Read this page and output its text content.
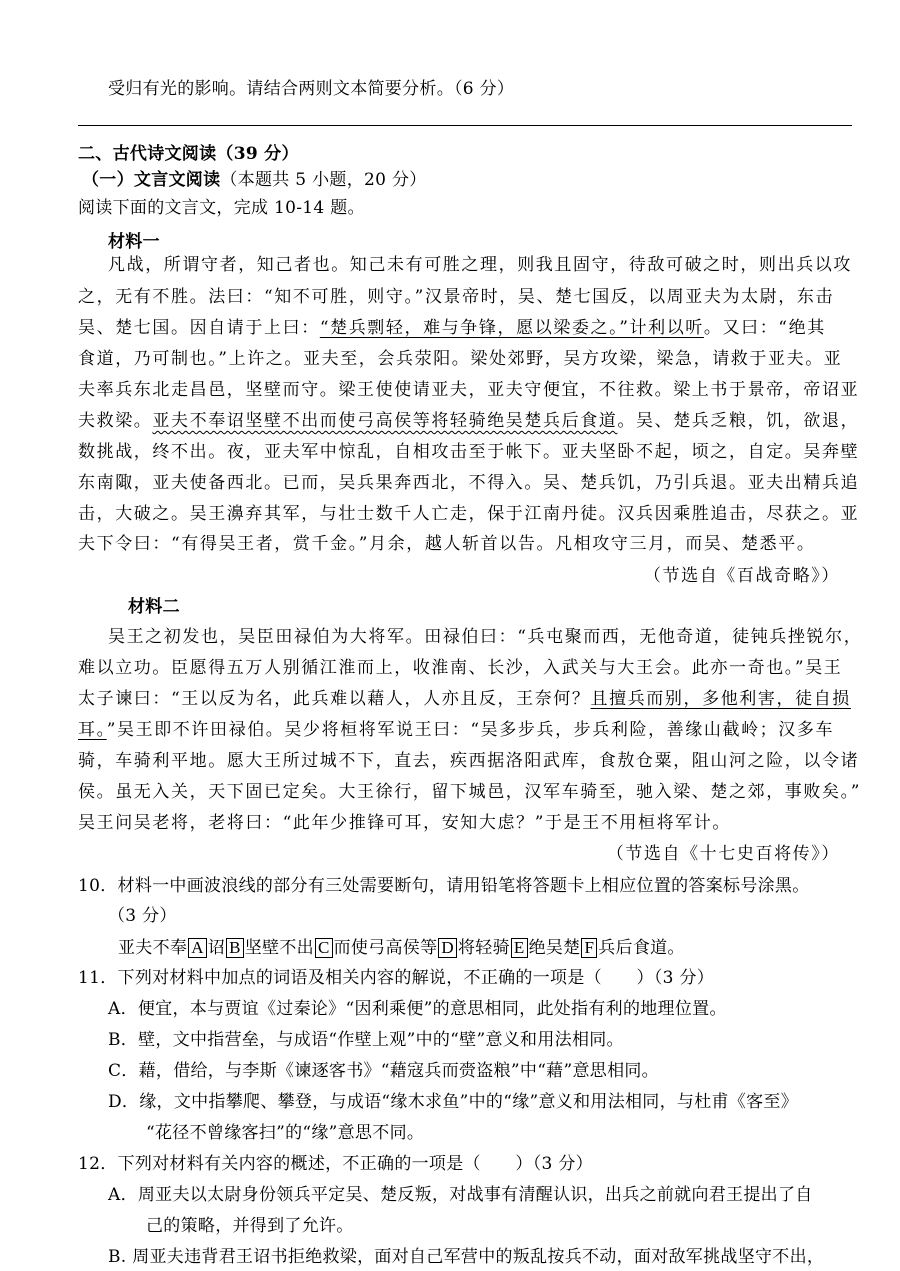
受归有光的影响。请结合两则文本简要分析。（6 分）
二、古代诗文阅读（39 分）
（一）文言文阅读（本题共 5 小题，20 分）
阅读下面的文言文，完成 10-14 题。
材料一
凡战，所谓守者，知己者也。知己未有可胜之理，则我且固守，待敌可破之时，则出兵以攻
之，无有不胜。法曰：“知不可胜，则守。”汉景帝时，吴、楚七国反，以周亚夫为太尉，东击
吴、楚七国。因自请于上曰：“楚兵剽轻，难与争锋，愿以梁委之。”计利以听。又曰：“绝其
食道，乃可制也。”上许之。亚夫至，会兵荥阳。梁处郊野，吴方攻梁，梁急，请救于亚夫。亚
夫率兵东北走昌邑，坚壁而守。梁王使使请亚夫，亚夫守便宜，不往救。梁上书于景帝，帝诏亚
夫救梁。亚夫不奉诏坚壁不出而使弓高侯等将轻骑绝吴楚兵后食道。吴、楚兵乏粮，饥，欲退，
数挑战，终不出。夜，亚夫军中惊乱，自相攻击至于帐下。亚夫坚卧不起，顷之，自定。吴奔壁
东南陬，亚夫使备西北。已而，吴兵果奔西北，不得入。吴、楚兵饥，乃引兵退。亚夫出精兵追
击，大破之。吴王濞弃其军，与壮士数千人亡走，保于江南丹徒。汉兵因乘胜追击，尽获之。亚
夫下令曰：“有得吴王者，赏千金。”月余，越人斩首以告。凡相攻守三月，而吴、楚悉平。
（节选自《百战奇略》）
材料二
吴王之初发也，吴臣田禄伯为大将军。田禄伯曰：“兵屯聚而西，无他奇道，徒钝兵挫锐尔，
难以立功。臣愿得五万人别循江淮而上，收淮南、长沙，入武关与大王会。此亦一奇也。”吴王
太子谏曰：“王以反为名，此兵难以藉人，人亦且反，王奈何？且擅兵而别，多他利害，徒自损
耳。”吴王即不许田禄伯。吴少将桓将军说王曰：“吴多步兵，步兵利险，善缘山截岭；汉多车
骑，车骑利平地。愿大王所过城不下，直去，疾西据洛阳武库，食敖仓粟，阻山河之险，以令诸
侯。虽无入关，天下固已定矣。大王徐行，留下城邑，汉军车骑至，驰入梁、楚之郊，事败矣。”
吴王问吴老将，老将曰：“此年少推锋可耳，安知大虑？”于是王不用桓将军计。
（节选自《十七史百将传》）
10．材料一中画波浪线的部分有三处需要断句，请用铅笔将答题卡上相应位置的答案标号涂黑。
（3 分）
亚夫不奉 A 诏 B 坚壁不出 C 而使弓高侯等 D 将轻骑 E 绝吴楚 F 兵后食道。
11．下列对材料中加点的词语及相关内容的解说，不正确的一项是（　　）（3 分）
A．便宜，本与贾谊《过秦论》“因利乘便”的意思相同，此处指有利的地理位置。
B．壁，文中指营垒，与成语“作壁上观”中的“壁”意义和用法相同。
C．藉，借给，与李斯《谏逐客书》“藉寇兵而赍盗粮”中“藉”意思相同。
D．缘，文中指攀爬、攀登，与成语“缘木求鱼”中的“缘”意义和用法相同，与杜甫《客至》
“花径不曾缘客扫”的“缘”意思不同。
12．下列对材料有关内容的概述，不正确的一项是（　　）（3 分）
A．周亚夫以太尉身份领兵平定吴、楚反叛，对战事有清醒认识，出兵之前就向君王提出了自
己的策略，并得到了允许。
B. 周亚夫违背君王诏书拒绝救梁，面对自己军营中的叛乱按兵不动，面对敌军挑战坚守不出，
